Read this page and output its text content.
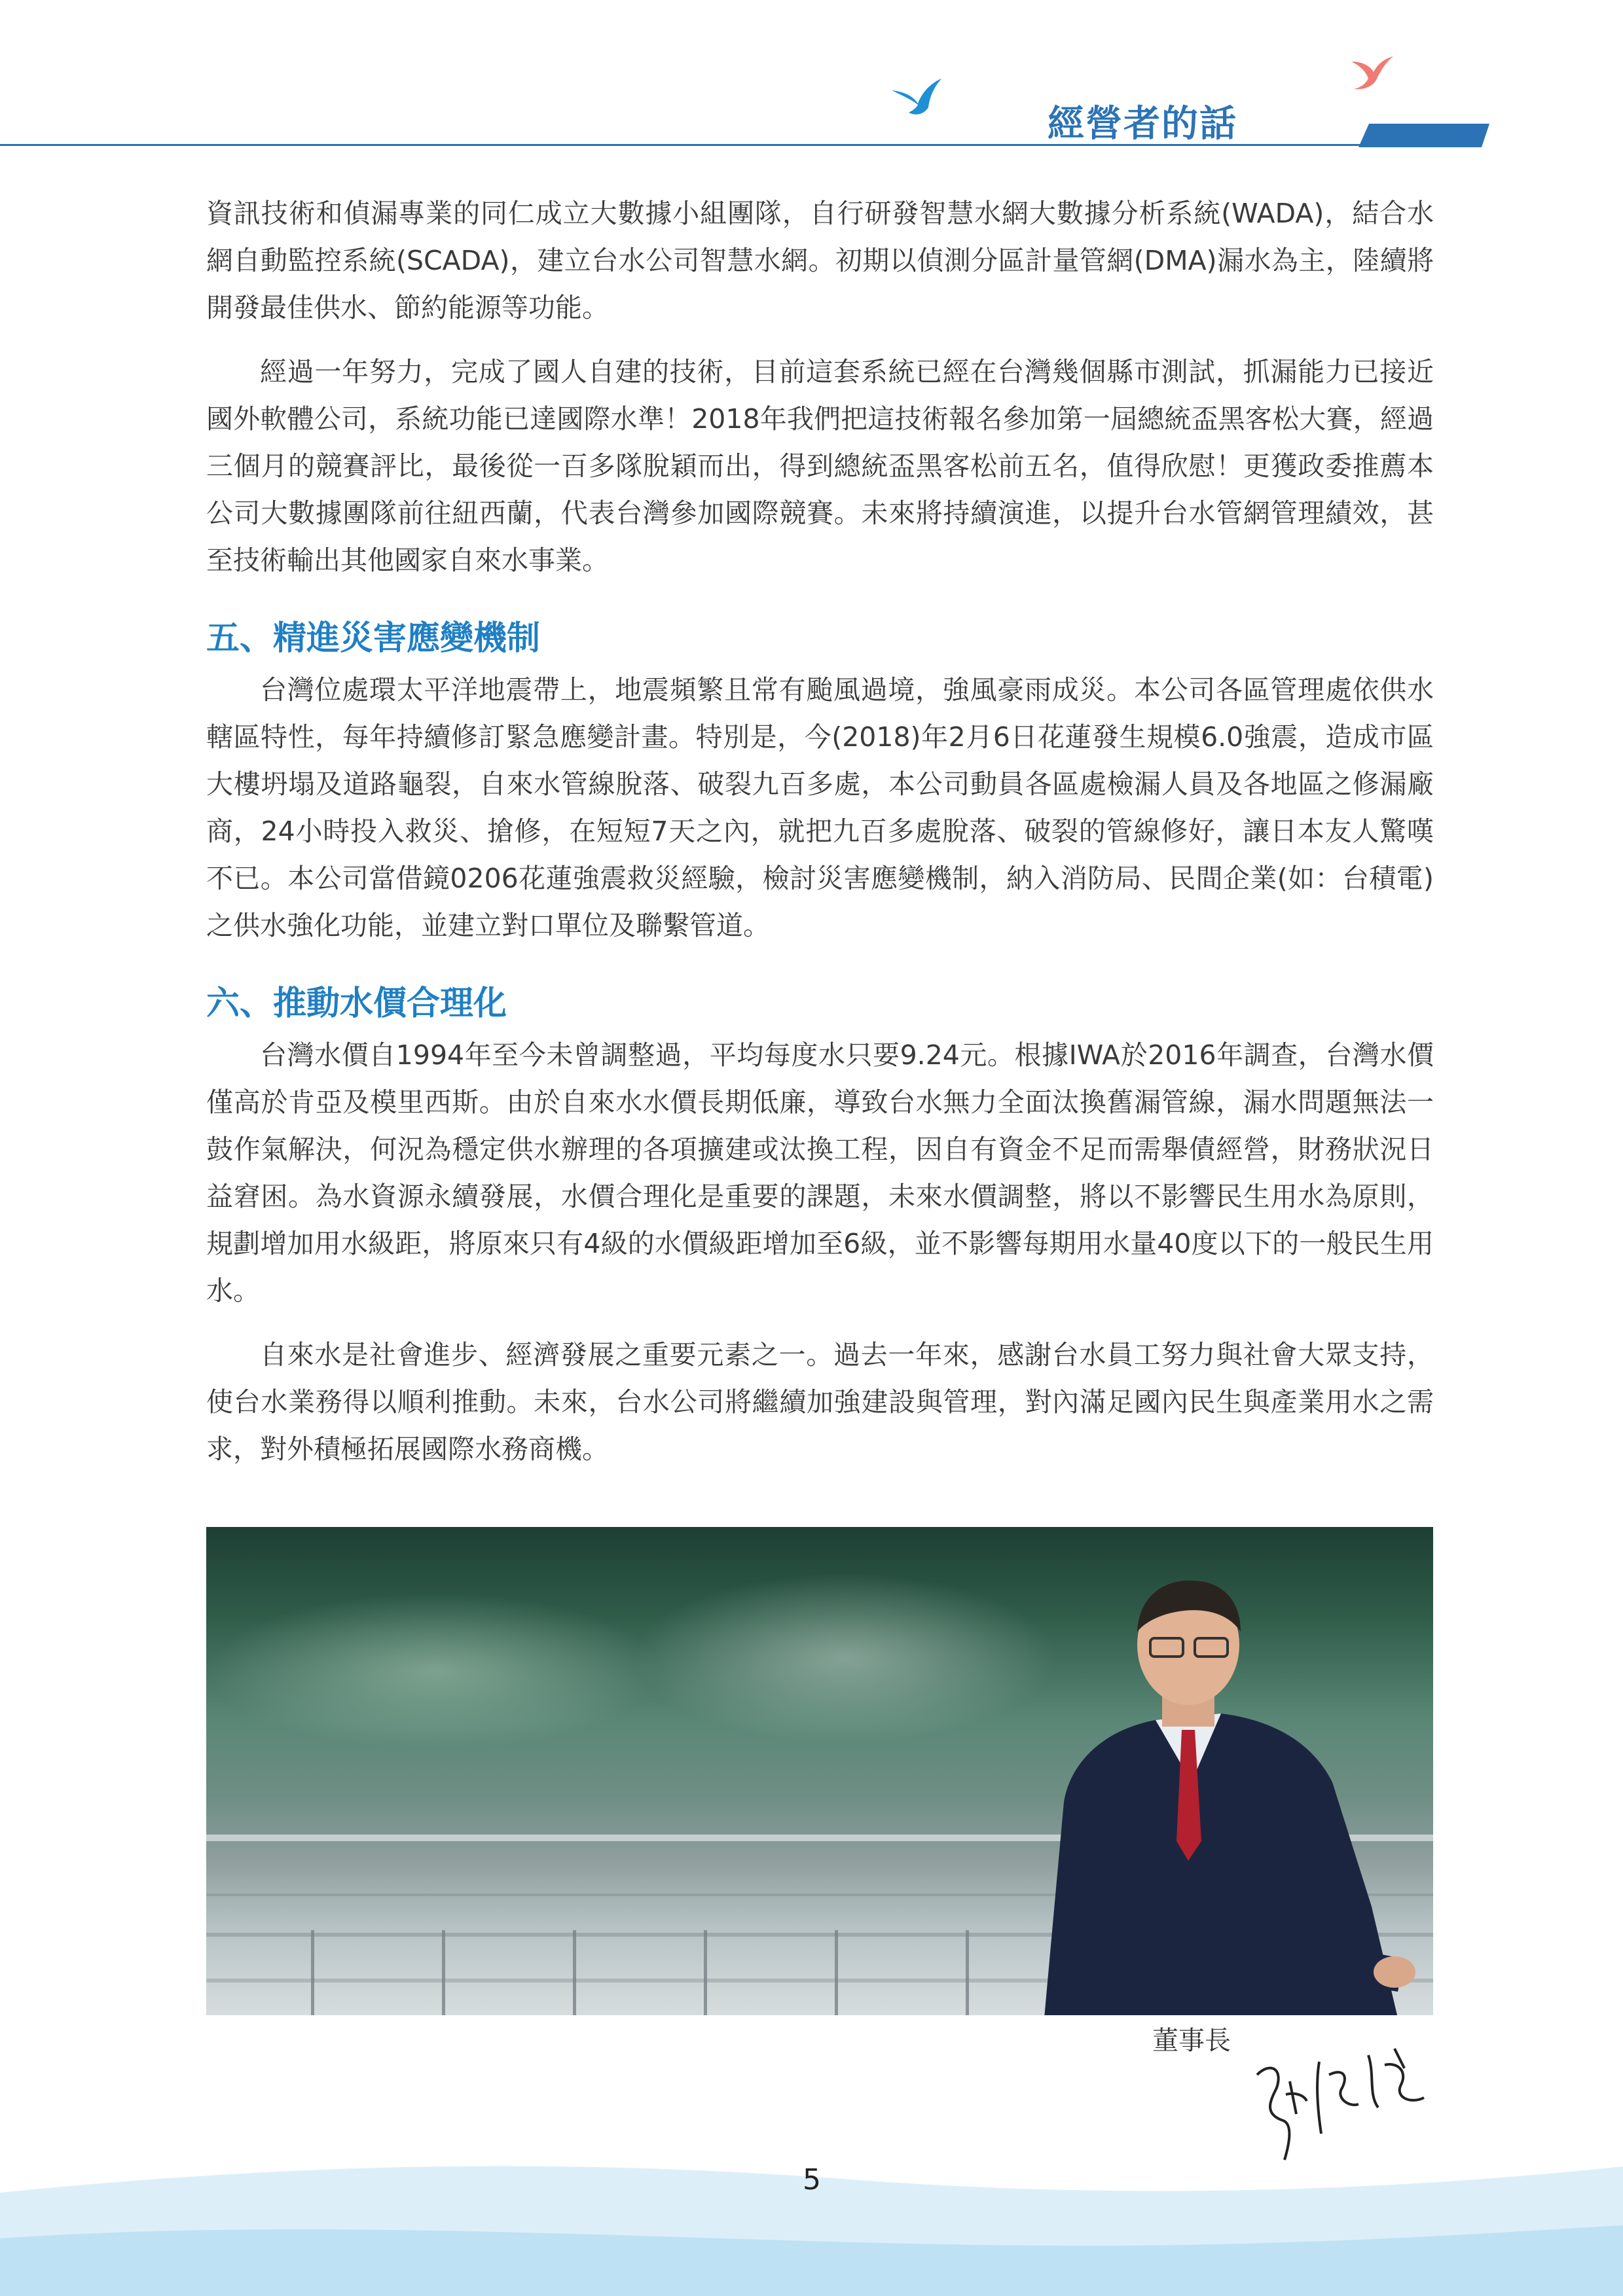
經營者的話

資訊技術和偵漏專業的同仁成立大數據小組團隊，自行研發智慧水網大數據分析系統(WADA)，結合水網自動監控系統(SCADA)，建立台水公司智慧水網。初期以偵測分區計量管網(DMA)漏水為主，陸續將開發最佳供水、節約能源等功能。

經過一年努力，完成了國人自建的技術，目前這套系統已經在台灣幾個縣市測試，抓漏能力已接近國外軟體公司，系統功能已達國際水準！2018年我們把這技術報名參加第一屆總統盃黑客松大賽，經過三個月的競賽評比，最後從一百多隊脫穎而出，得到總統盃黑客松前五名，值得欣慰！更獲政委推薦本公司大數據團隊前往紐西蘭，代表台灣參加國際競賽。未來將持續演進，以提升台水管網管理績效，甚至技術輸出其他國家自來水事業。

五、精進災害應變機制

台灣位處環太平洋地震帶上，地震頻繁且常有颱風過境，強風豪雨成災。本公司各區管理處依供水轄區特性，每年持續修訂緊急應變計畫。特別是，今(2018)年2月6日花蓮發生規模6.0強震，造成市區大樓坍塌及道路龜裂，自來水管線脫落、破裂九百多處，本公司動員各區處檢漏人員及各地區之修漏廠商，24小時投入救災、搶修，在短短7天之內，就把九百多處脫落、破裂的管線修好，讓日本友人驚嘆不已。本公司當借鏡0206花蓮強震救災經驗，檢討災害應變機制，納入消防局、民間企業(如：台積電)之供水強化功能，並建立對口單位及聯繫管道。

六、推動水價合理化

台灣水價自1994年至今未曾調整過，平均每度水只要9.24元。根據IWA於2016年調查，台灣水價僅高於肯亞及模里西斯。由於自來水水價長期低廉，導致台水無力全面汰換舊漏管線，漏水問題無法一鼓作氣解決，何況為穩定供水辦理的各項擴建或汰換工程，因自有資金不足而需舉債經營，財務狀況日益窘困。為水資源永續發展，水價合理化是重要的課題，未來水價調整，將以不影響民生用水為原則，規劃增加用水級距，將原來只有4級的水價級距增加至6級，並不影響每期用水量40度以下的一般民生用水。

自來水是社會進步、經濟發展之重要元素之一。過去一年來，感謝台水員工努力與社會大眾支持，使台水業務得以順利推動。未來，台水公司將繼續加強建設與管理，對內滿足國內民生與產業用水之需求，對外積極拓展國際水務商機。

董事長
5
